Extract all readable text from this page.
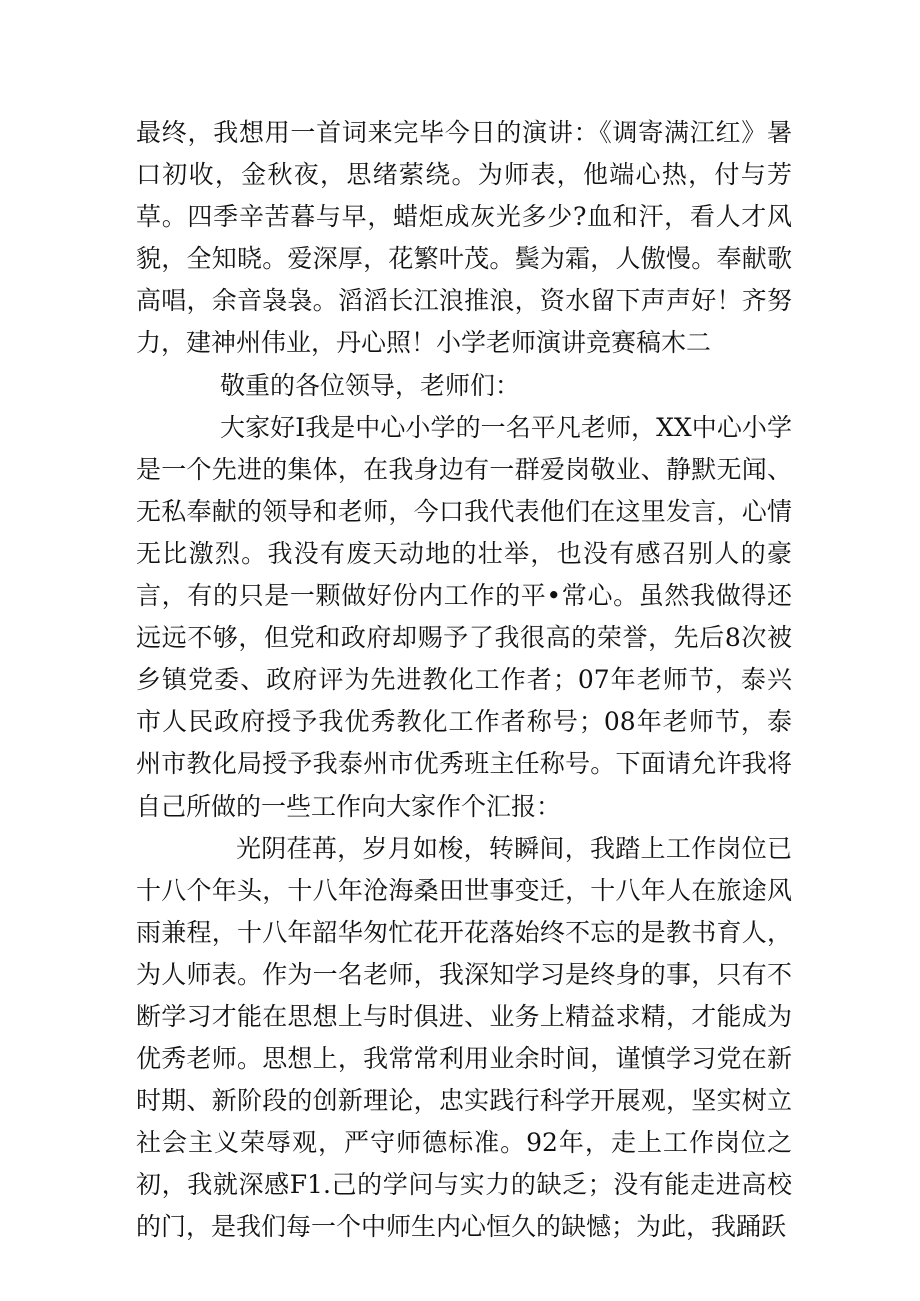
最终，我想用一首词来完毕今日的演讲：《调寄满江红》暑口初收，金秋夜，思绪萦绕。为师表，他端心热，付与芳草。四季辛苦暮与早，蜡炬成灰光多少?血和汗，看人才风貌，全知晓。爱深厚，花繁叶茂。鬓为霜，人傲慢。奉献歌高唱，余音袅袅。滔滔长江浪推浪，资水留下声声好！齐努力，建神州伟业，丹心照！小学老师演讲竞赛稿木二

敬重的各位领导，老师们：

大家好I我是中心小学的一名平凡老师，XX中心小学是一个先进的集体，在我身边有一群爱岗敬业、静默无闻、无私奉献的领导和老师，今口我代表他们在这里发言，心情无比激烈。我没有废天动地的壮举，也没有感召别人的豪言，有的只是一颗做好份内工作的平•常心。虽然我做得还远远不够，但党和政府却赐予了我很高的荣誉，先后8次被乡镇党委、政府评为先进教化工作者；07年老师节，泰兴市人民政府授予我优秀教化工作者称号；08年老师节，泰州市教化局授予我泰州市优秀班主任称号。下面请允许我将自己所做的一些工作向大家作个汇报：

光阴荏苒，岁月如梭，转瞬间，我踏上工作岗位已十八个年头，十八年沧海桑田世事变迁，十八年人在旅途风雨兼程，十八年韶华匆忙花开花落始终不忘的是教书育人，为人师表。作为一名老师，我深知学习是终身的事，只有不断学习才能在思想上与时俱进、业务上精益求精，才能成为优秀老师。思想上，我常常利用业余时间，谨慎学习党在新时期、新阶段的创新理论，忠实践行科学开展观，坚实树立社会主义荣辱观，严守师德标准。92年，走上工作岗位之初，我就深感F1.己的学问与实力的缺乏；没有能走进高校的门，是我们每一个中师生内心恒久的缺憾；为此，我踊跃
